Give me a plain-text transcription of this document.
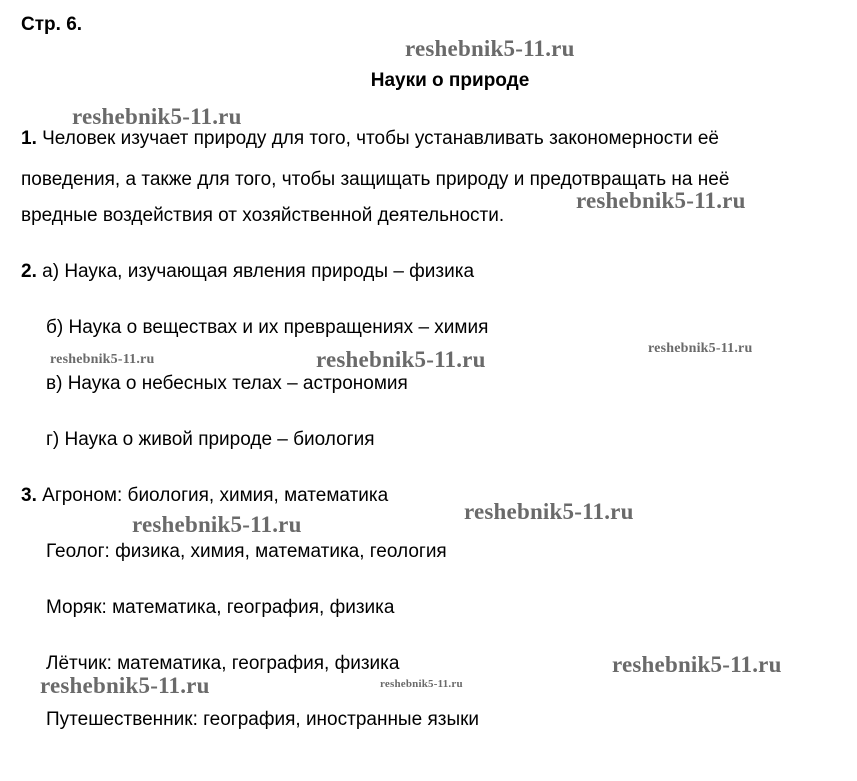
Стр. 6.
Науки о природе
1. Человек изучает природу для того, чтобы устанавливать закономерности её
поведения, а также для того, чтобы защищать природу и предотвращать на неё
вредные воздействия от хозяйственной деятельности.
2. а) Наука, изучающая явления природы – физика
б) Наука о веществах и их превращениях – химия
в) Наука о небесных телах – астрономия
г) Наука о живой природе – биология
3. Агроном: биология, химия, математика
Геолог: физика, химия, математика, геология
Моряк: математика, география, физика
Лётчик: математика, география, физика
Путешественник: география, иностранные языки
reshebnik5-11.ru
reshebnik5-11.ru
reshebnik5-11.ru
reshebnik5-11.ru	reshebnik5-11.ru	reshebnik5-11.ru
reshebnik5-11.ru
reshebnik5-11.ru
reshebnik5-11.ru
reshebnik5-11.ru	reshebnik5-11.ru
